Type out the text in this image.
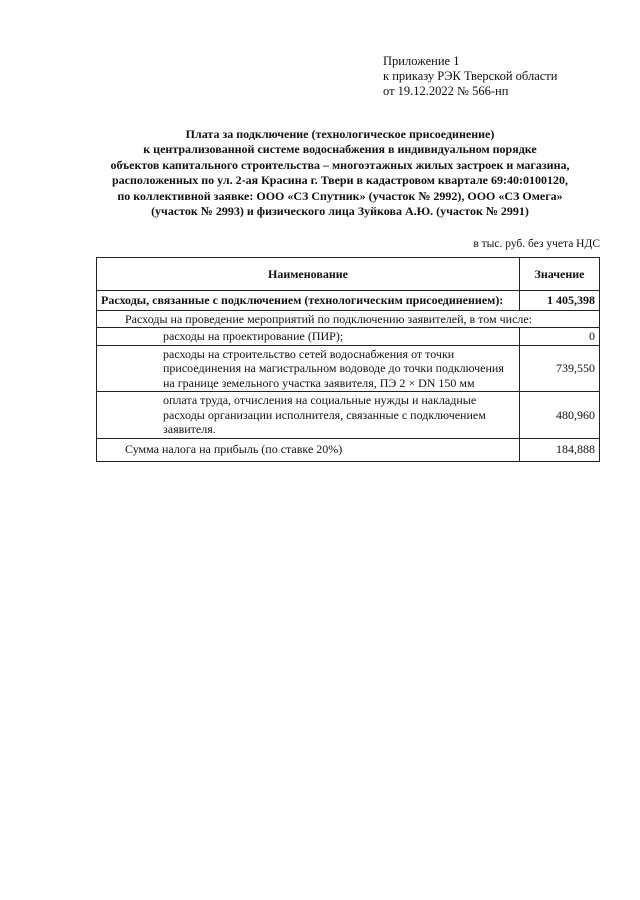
Приложение 1
к приказу РЭК Тверской области
от 19.12.2022 № 566-нп
Плата за подключение (технологическое присоединение)
к централизованной системе водоснабжения в индивидуальном порядке
объектов капитального строительства – многоэтажных жилых застроек и магазина,
расположенных по ул. 2-ая Красина г. Твери в кадастровом квартале 69:40:0100120,
по коллективной заявке: ООО «СЗ Спутник» (участок № 2992), ООО «СЗ Омега»
(участок № 2993) и физического лица Зуйкова А.Ю. (участок № 2991)
в тыс. руб. без учета НДС
Наименование	Значение
Расходы, связанные с подключением (технологическим присоединением):	1 405,398
Расходы на проведение мероприятий по подключению заявителей, в том числе:	
расходы на проектирование (ПИР);	0
расходы на строительство сетей водоснабжения от точки присоединения на магистральном водоводе до точки подключения на границе земельного участка заявителя, ПЭ 2 × DN 150 мм	739,550
оплата труда, отчисления на социальные нужды и накладные расходы организации исполнителя, связанные с подключением заявителя.	480,960
Сумма налога на прибыль (по ставке 20%)	184,888
